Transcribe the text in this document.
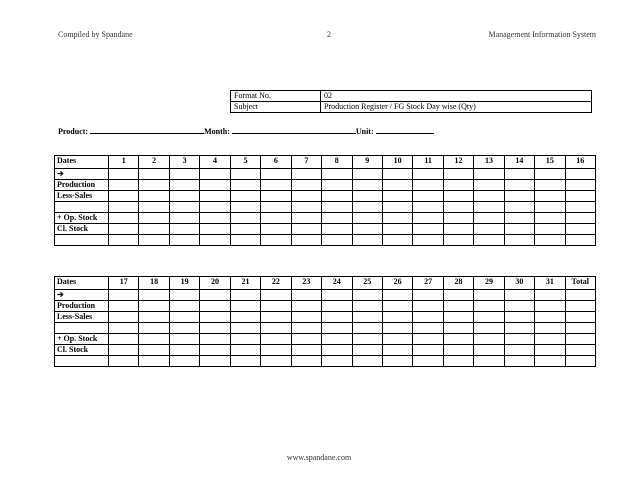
Compiled by Spandane	2	Management Information System
Format No.	02
Subject	Production Register / FG Stock Day wise (Qty)
Product:	Month:	Unit:
Dates	1	2	3	4	5	6	7	8	9	10	11	12	13	14	15	16
➔																
Production																
Less-Sales																

+ Op. Stock																
Cl. Stock																

Dates	17	18	19	20	21	22	23	24	25	26	27	28	29	30	31	Total
➔																
Production																
Less-Sales																

+ Op. Stock																
Cl. Stock																

www.spandane.com
